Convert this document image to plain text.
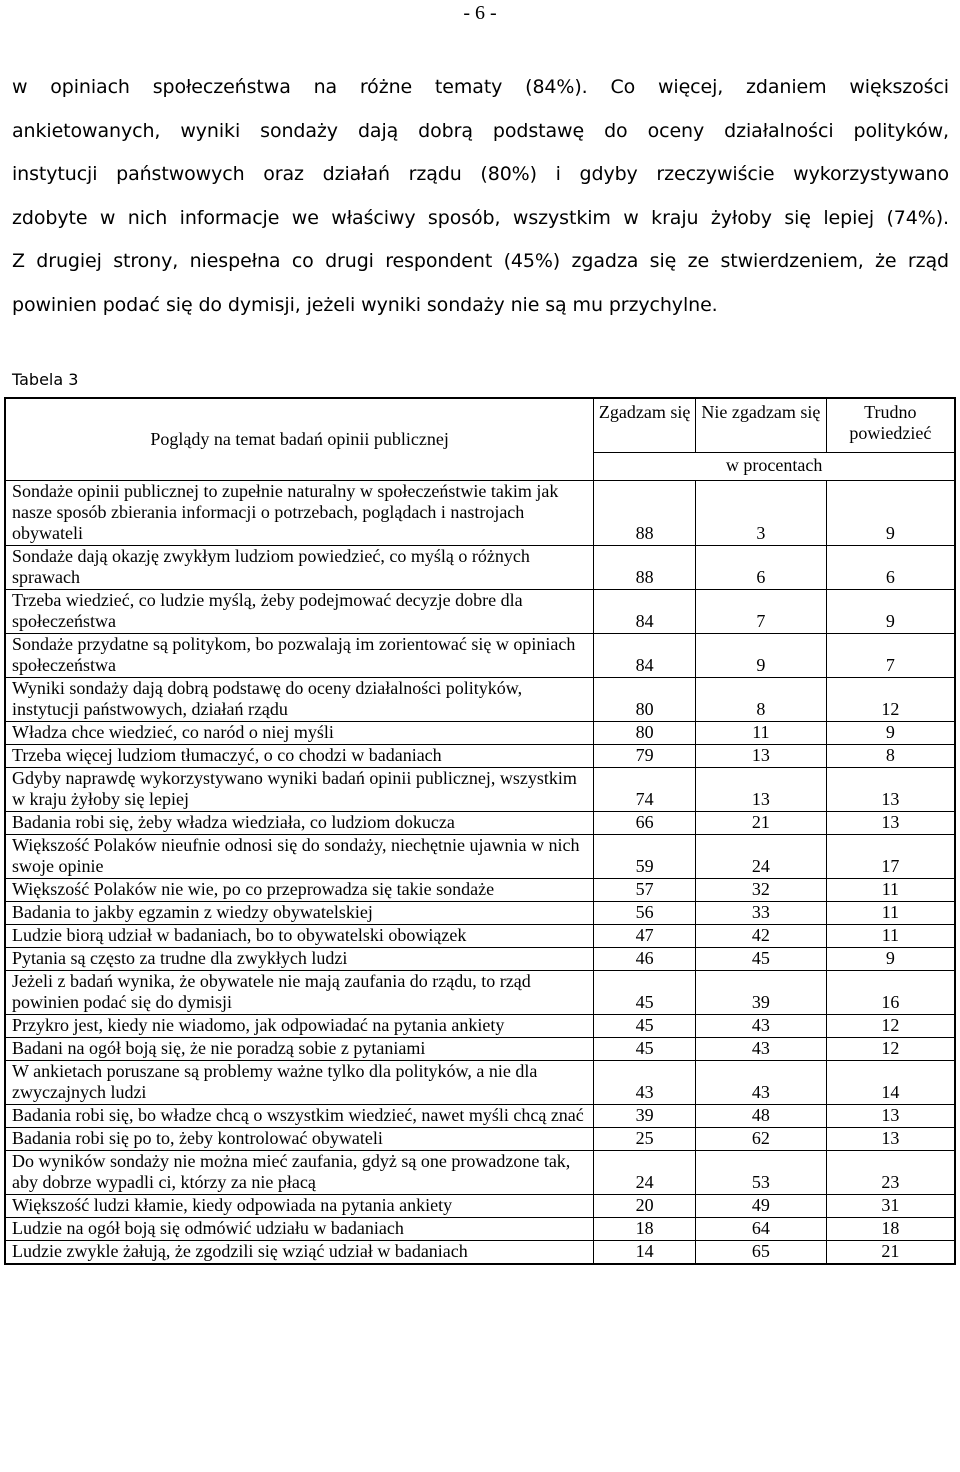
- 6 -
w opiniach społeczeństwa na różne tematy (84%). Co więcej, zdaniem większości
ankietowanych, wyniki sondaży dają dobrą podstawę do oceny działalności polityków,
instytucji państwowych oraz działań rządu (80%) i gdyby rzeczywiście wykorzystywano
zdobyte w nich informacje we właściwy sposób, wszystkim w kraju żyłoby się lepiej (74%).
Z drugiej strony, niespełna co drugi respondent (45%) zgadza się ze stwierdzeniem, że rząd
powinien podać się do dymisji, jeżeli wyniki sondaży nie są mu przychylne.
Tabela 3
Poglądy na temat badań opinii publicznej	Zgadzam się	Nie zgadzam się	Trudno powiedzieć
	w procentach		
Sondaże opinii publicznej to zupełnie naturalny w społeczeństwie takim jak nasze sposób zbierania informacji o potrzebach, poglądach i nastrojach obywateli	88	3	9
Sondaże dają okazję zwykłym ludziom powiedzieć, co myślą o różnych sprawach	88	6	6
Trzeba wiedzieć, co ludzie myślą, żeby podejmować decyzje dobre dla społeczeństwa	84	7	9
Sondaże przydatne są politykom, bo pozwalają im zorientować się w opiniach społeczeństwa	84	9	7
Wyniki sondaży dają dobrą podstawę do oceny działalności polityków, instytucji państwowych, działań rządu	80	8	12
Władza chce wiedzieć, co naród o niej myśli	80	11	9
Trzeba więcej ludziom tłumaczyć, o co chodzi w badaniach	79	13	8
Gdyby naprawdę wykorzystywano wyniki badań opinii publicznej, wszystkim w kraju żyłoby się lepiej	74	13	13
Badania robi się, żeby władza wiedziała, co ludziom dokucza	66	21	13
Większość Polaków nieufnie odnosi się do sondaży, niechętnie ujawnia w nich swoje opinie	59	24	17
Większość Polaków nie wie, po co przeprowadza się takie sondaże	57	32	11
Badania to jakby egzamin z wiedzy obywatelskiej	56	33	11
Ludzie biorą udział w badaniach, bo to obywatelski obowiązek	47	42	11
Pytania są często za trudne dla zwykłych ludzi	46	45	9
Jeżeli z badań wynika, że obywatele nie mają zaufania do rządu, to rząd powinien podać się do dymisji	45	39	16
Przykro jest, kiedy nie wiadomo, jak odpowiadać na pytania ankiety	45	43	12
Badani na ogół boją się, że nie poradzą sobie z pytaniami	45	43	12
W ankietach poruszane są problemy ważne tylko dla polityków, a nie dla zwyczajnych ludzi	43	43	14
Badania robi się, bo władze chcą o wszystkim wiedzieć, nawet myśli chcą znać	39	48	13
Badania robi się po to, żeby kontrolować obywateli	25	62	13
Do wyników sondaży nie można mieć zaufania, gdyż są one prowadzone tak, aby dobrze wypadli ci, którzy za nie płacą	24	53	23
Większość ludzi kłamie, kiedy odpowiada na pytania ankiety	20	49	31
Ludzie na ogół boją się odmówić udziału w badaniach	18	64	18
Ludzie zwykle żałują, że zgodzili się wziąć udział w badaniach	14	65	21
